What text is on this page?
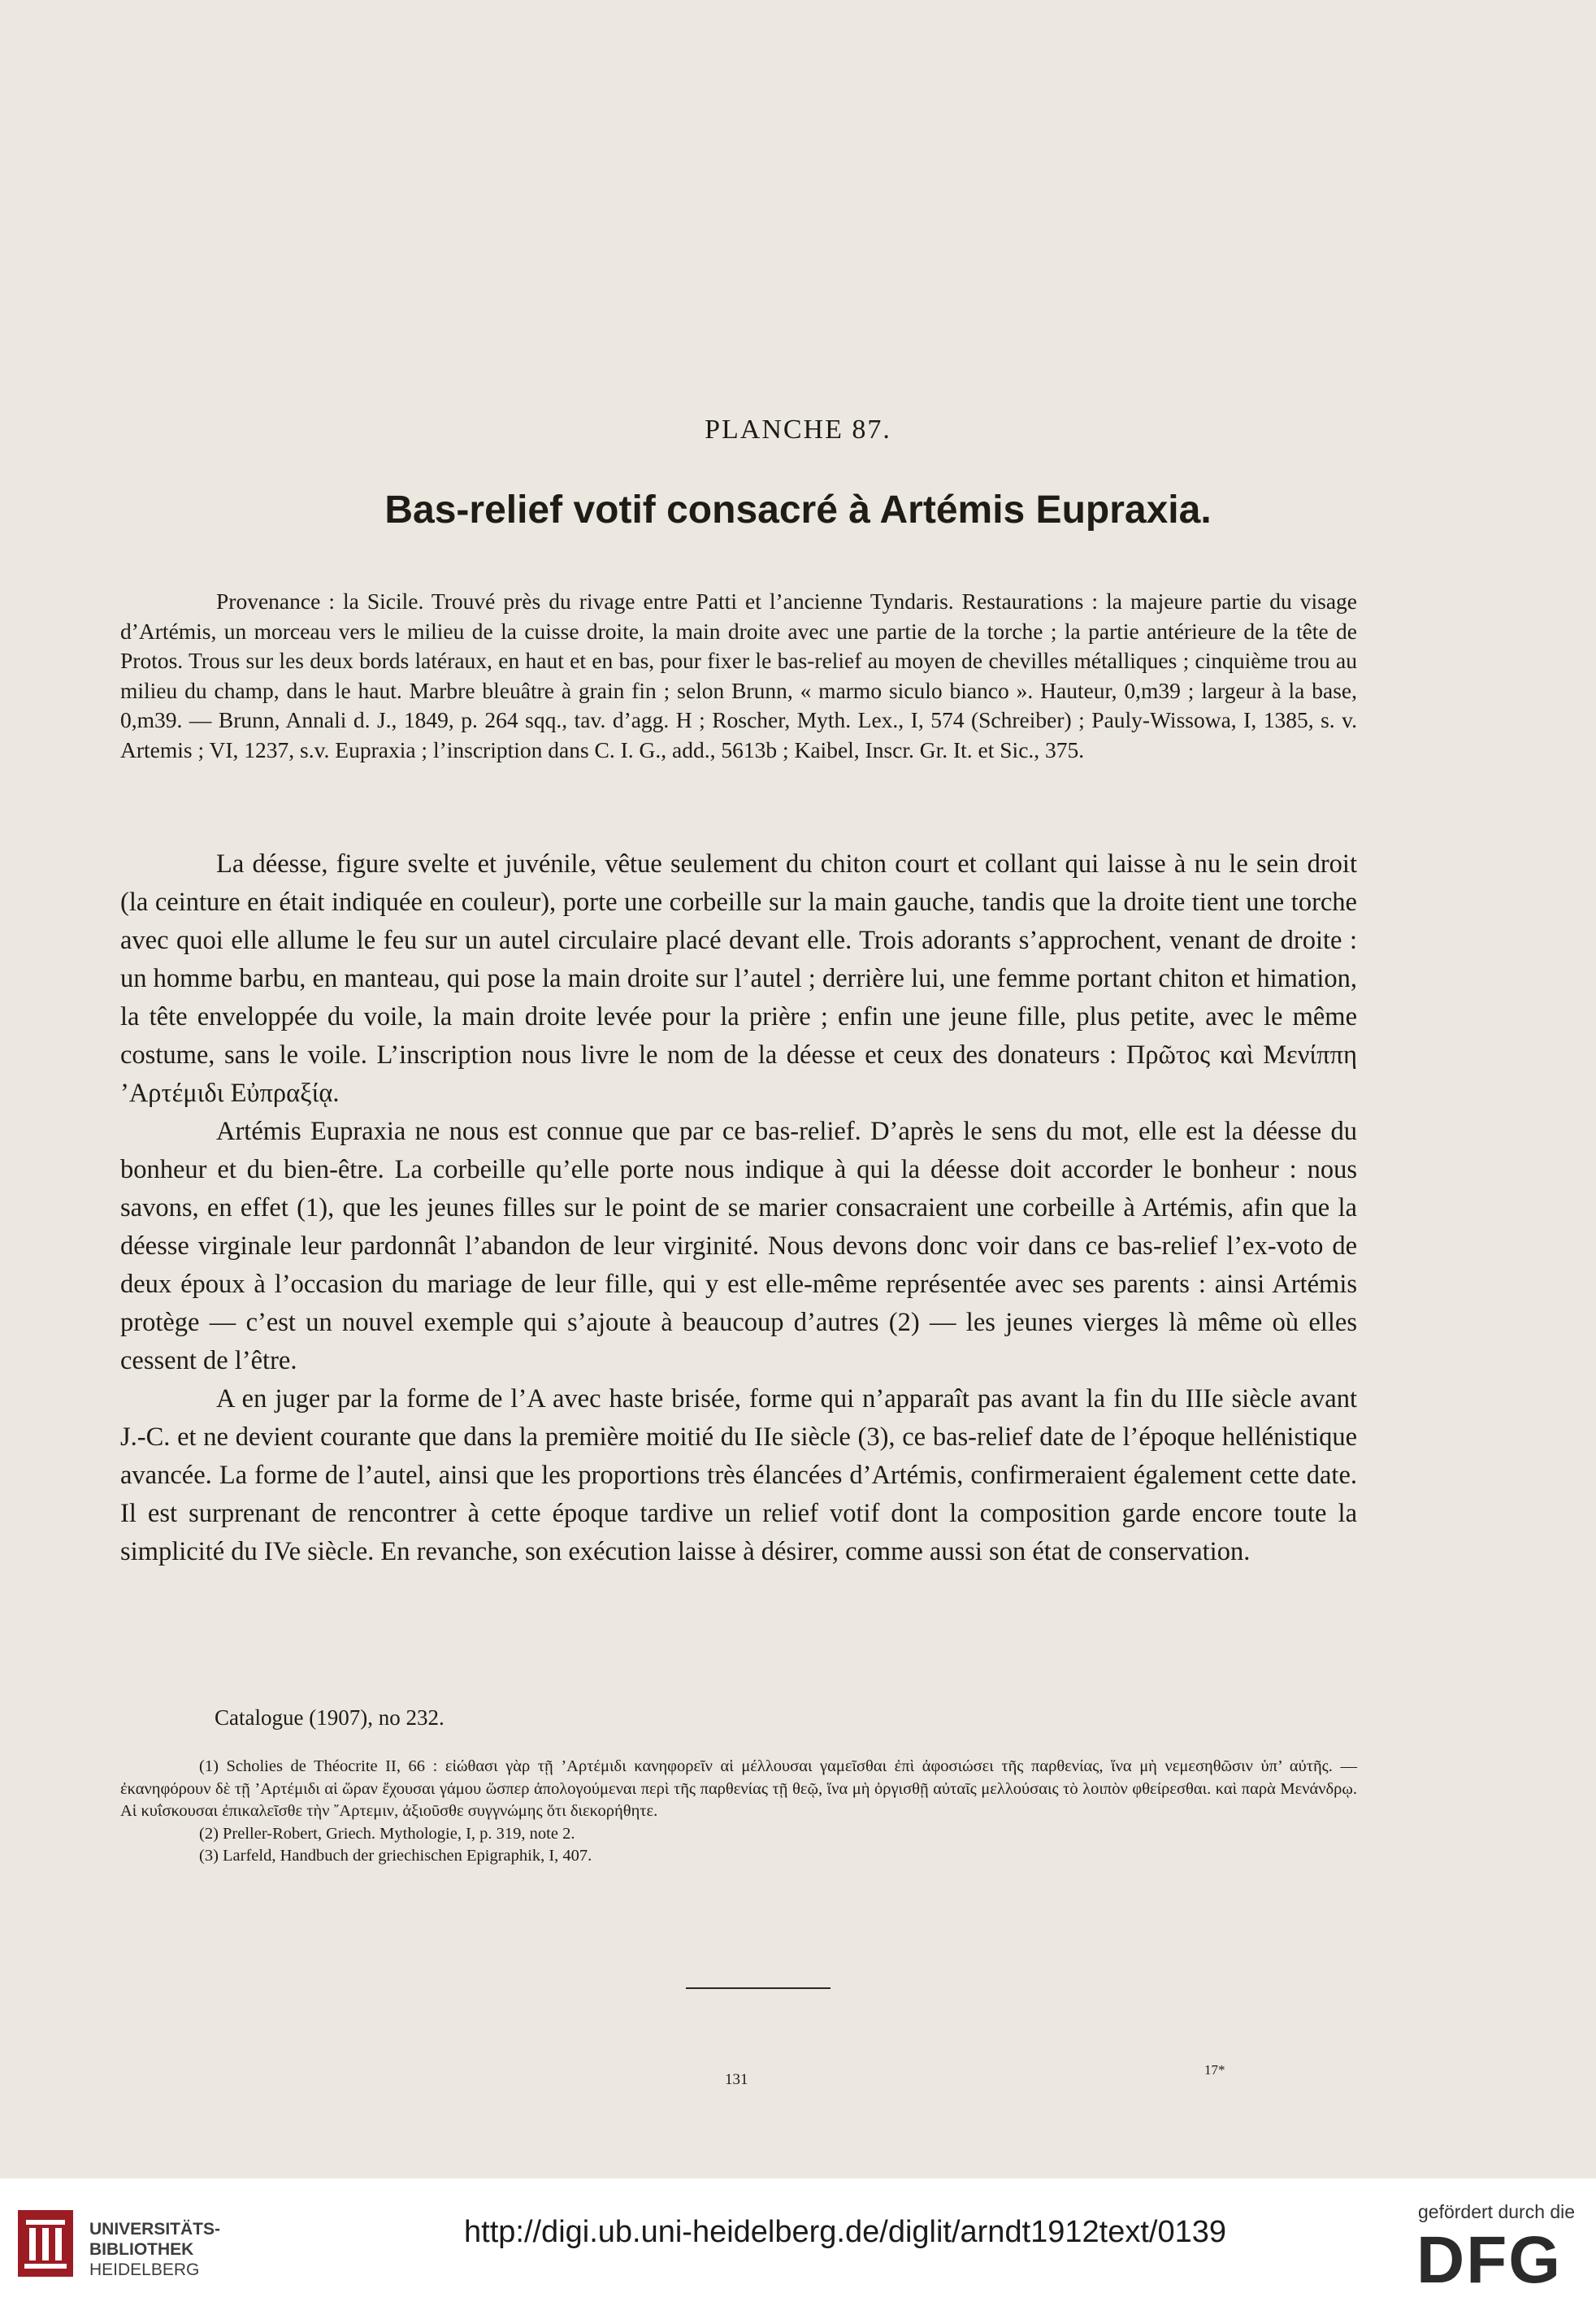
PLANCHE 87.
Bas-relief votif consacré à Artémis Eupraxia.

Provenance : la Sicile. Trouvé près du rivage entre Patti et l’ancienne Tyndaris. Restaurations : la majeure partie du visage d’Artémis, un morceau vers le milieu de la cuisse droite, la main droite avec une partie de la torche ; la partie antérieure de la tête de Protos. Trous sur les deux bords latéraux, en haut et en bas, pour fixer le bas-relief au moyen de chevilles métalliques ; cinquième trou au milieu du champ, dans le haut. Marbre bleuâtre à grain fin ; selon Brunn, « marmo siculo bianco ». Hauteur, 0,m39 ; largeur à la base, 0,m39. — Brunn, Annali d. J., 1849, p. 264 sqq., tav. d’agg. H ; Roscher, Myth. Lex., I, 574 (Schreiber) ; Pauly-Wissowa, I, 1385, s. v. Artemis ; VI, 1237, s.v. Eupraxia ; l’inscription dans C. I. G., add., 5613b ; Kaibel, Inscr. Gr. It. et Sic., 375.

La déesse, figure svelte et juvénile, vêtue seulement du chiton court et collant qui laisse à nu le sein droit (la ceinture en était indiquée en couleur), porte une corbeille sur la main gauche, tandis que la droite tient une torche avec quoi elle allume le feu sur un autel circulaire placé devant elle. Trois adorants s’approchent, venant de droite : un homme barbu, en manteau, qui pose la main droite sur l’autel ; derrière lui, une femme portant chiton et himation, la tête enveloppée du voile, la main droite levée pour la prière ; enfin une jeune fille, plus petite, avec le même costume, sans le voile. L’inscription nous livre le nom de la déesse et ceux des donateurs : Πρῶτος καὶ Μενίππη ’Αρτέμιδι Εὐπραξίᾳ.

Artémis Eupraxia ne nous est connue que par ce bas-relief. D’après le sens du mot, elle est la déesse du bonheur et du bien-être. La corbeille qu’elle porte nous indique à qui la déesse doit accorder le bonheur : nous savons, en effet (1), que les jeunes filles sur le point de se marier consacraient une corbeille à Artémis, afin que la déesse virginale leur pardonnât l’abandon de leur virginité. Nous devons donc voir dans ce bas-relief l’ex-voto de deux époux à l’occasion du mariage de leur fille, qui y est elle-même représentée avec ses parents : ainsi Artémis protège — c’est un nouvel exemple qui s’ajoute à beaucoup d’autres (2) — les jeunes vierges là même où elles cessent de l’être.

A en juger par la forme de l’A avec haste brisée, forme qui n’apparaît pas avant la fin du IIIe siècle avant J.-C. et ne devient courante que dans la première moitié du IIe siècle (3), ce bas-relief date de l’époque hellénistique avancée. La forme de l’autel, ainsi que les proportions très élancées d’Artémis, confirmeraient également cette date. Il est surprenant de rencontrer à cette époque tardive un relief votif dont la composition garde encore toute la simplicité du IVe siècle. En revanche, son exécution laisse à désirer, comme aussi son état de conservation.

Catalogue (1907), no 232.

(1) Scholies de Théocrite II, 66 : εἰώθασι γὰρ τῇ ’Αρτέμιδι κανηφορεῖν αἱ μέλλουσαι γαμεῖσθαι ἐπὶ ἀφοσιώσει τῆς παρθενίας, ἵνα μὴ νεμεσηθῶσιν ὑπ’ αὐτῆς. — ἐκανηφόρουν δὲ τῇ ’Αρτέμιδι αἱ ὥραν ἔχουσαι γάμου ὥσπερ ἀπολογούμεναι περὶ τῆς παρθενίας τῇ θεῷ, ἵνα μὴ ὀργισθῇ αὐταῖς μελλούσαις τὸ λοιπὸν φθείρεσθαι. καὶ παρὰ Μενάνδρῳ. Αἱ κυΐσκουσαι ἐπικαλεῖσθε τὴν ῎Αρτεμιν, ἀξιοῦσθε συγγνώμης ὅτι διεκορήθητε.

(2) Preller-Robert, Griech. Mythologie, I, p. 319, note 2.

(3) Larfeld, Handbuch der griechischen Epigraphik, I, 407.

131
17*
UNIVERSITÄTS-
BIBLIOTHEK
HEIDELBERG
http://digi.ub.uni-heidelberg.de/diglit/arndt1912text/0139
gefördert durch die
DFG
